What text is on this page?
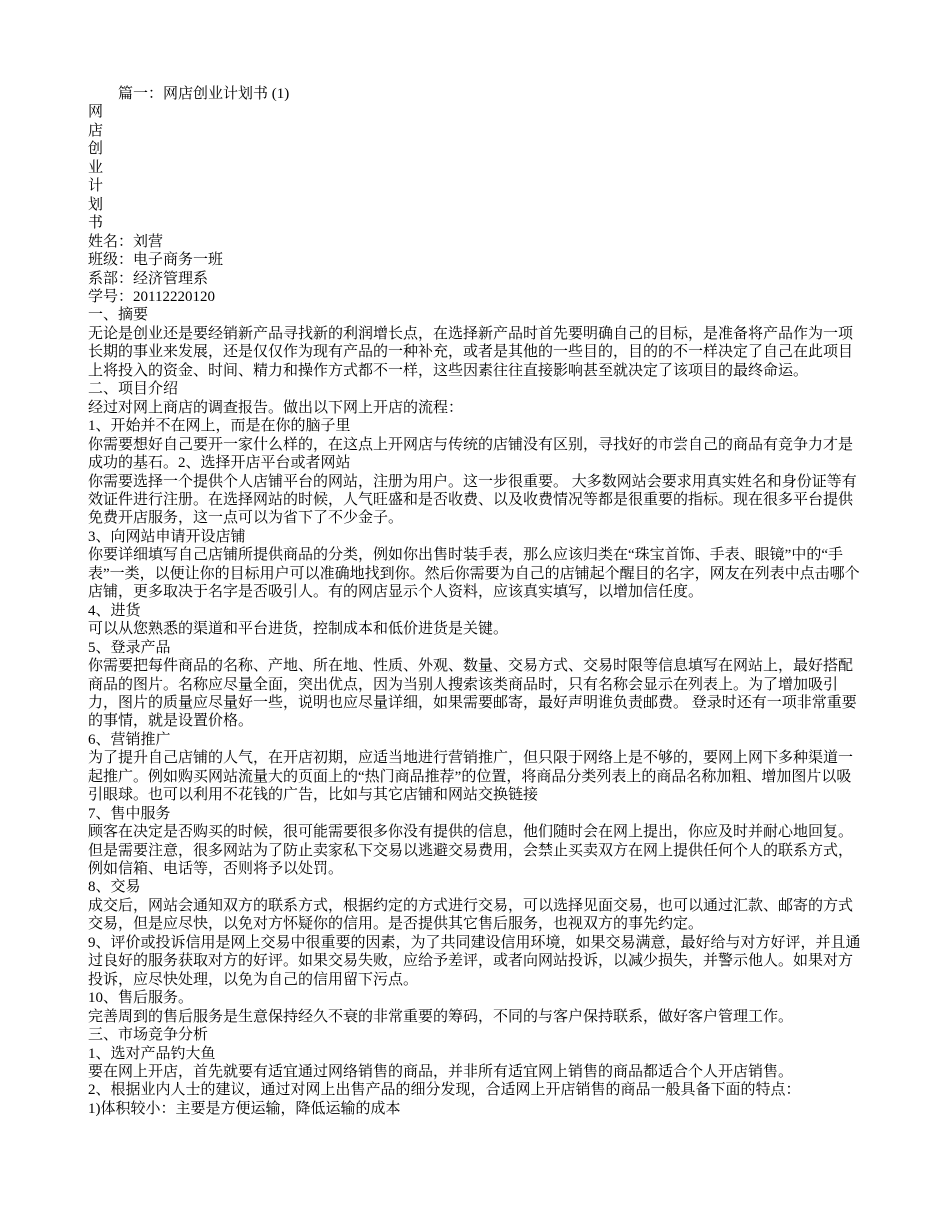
篇一：网店创业计划书 (1)
网
店
创
业
计
划
书
姓名：刘营
班级：电子商务一班
系部：经济管理系
学号：20112220120
一、摘要
无论是创业还是要经销新产品寻找新的利润增长点，在选择新产品时首先要明确自己的目标，是准备将产品作为一项长期的事业来发展，还是仅仅作为现有产品的一种补充，或者是其他的一些目的，目的的不一样决定了自己在此项目上将投入的资金、时间、精力和操作方式都不一样，这些因素往往直接影响甚至就决定了该项目的最终命运。
二、项目介绍
经过对网上商店的调查报告。做出以下网上开店的流程：
1、开始并不在网上，而是在你的脑子里
你需要想好自己要开一家什么样的，在这点上开网店与传统的店铺没有区别，寻找好的市尝自己的商品有竞争力才是成功的基石。2、选择开店平台或者网站
你需要选择一个提供个人店铺平台的网站，注册为用户。这一步很重要。 大多数网站会要求用真实姓名和身份证等有效证件进行注册。在选择网站的时候，人气旺盛和是否收费、以及收费情况等都是很重要的指标。现在很多平台提供免费开店服务，这一点可以为省下了不少金子。
3、向网站申请开设店铺
你要详细填写自己店铺所提供商品的分类，例如你出售时装手表，那么应该归类在“珠宝首饰、手表、眼镜”中的“手表”一类，以便让你的目标用户可以准确地找到你。然后你需要为自己的店铺起个醒目的名字，网友在列表中点击哪个店铺，更多取决于名字是否吸引人。有的网店显示个人资料，应该真实填写，以增加信任度。
4、进货
可以从您熟悉的渠道和平台进货，控制成本和低价进货是关键。
5、登录产品
你需要把每件商品的名称、产地、所在地、性质、外观、数量、交易方式、交易时限等信息填写在网站上，最好搭配商品的图片。名称应尽量全面，突出优点，因为当别人搜索该类商品时，只有名称会显示在列表上。为了增加吸引力，图片的质量应尽量好一些，说明也应尽量详细，如果需要邮寄，最好声明谁负责邮费。 登录时还有一项非常重要的事情，就是设置价格。
6、营销推广
为了提升自己店铺的人气，在开店初期，应适当地进行营销推广，但只限于网络上是不够的，要网上网下多种渠道一起推广。例如购买网站流量大的页面上的“热门商品推荐”的位置，将商品分类列表上的商品名称加粗、增加图片以吸引眼球。也可以利用不花钱的广告，比如与其它店铺和网站交换链接
7、售中服务
顾客在决定是否购买的时候，很可能需要很多你没有提供的信息，他们随时会在网上提出，你应及时并耐心地回复。但是需要注意，很多网站为了防止卖家私下交易以逃避交易费用，会禁止买卖双方在网上提供任何个人的联系方式，例如信箱、电话等，否则将予以处罚。
8、交易
成交后，网站会通知双方的联系方式，根据约定的方式进行交易，可以选择见面交易，也可以通过汇款、邮寄的方式交易，但是应尽快，以免对方怀疑你的信用。是否提供其它售后服务，也视双方的事先约定。
9、评价或投诉信用是网上交易中很重要的因素，为了共同建设信用环境，如果交易满意，最好给与对方好评，并且通过良好的服务获取对方的好评。如果交易失败，应给予差评，或者向网站投诉，以减少损失，并警示他人。如果对方投诉，应尽快处理，以免为自己的信用留下污点。
10、售后服务。
完善周到的售后服务是生意保持经久不衰的非常重要的筹码，不同的与客户保持联系，做好客户管理工作。
三、市场竞争分析
1、选对产品钓大鱼
要在网上开店，首先就要有适宜通过网络销售的商品，并非所有适宜网上销售的商品都适合个人开店销售。
2、根据业内人士的建议，通过对网上出售产品的细分发现，合适网上开店销售的商品一般具备下面的特点：
1)体积较小：主要是方便运输，降低运输的成本
